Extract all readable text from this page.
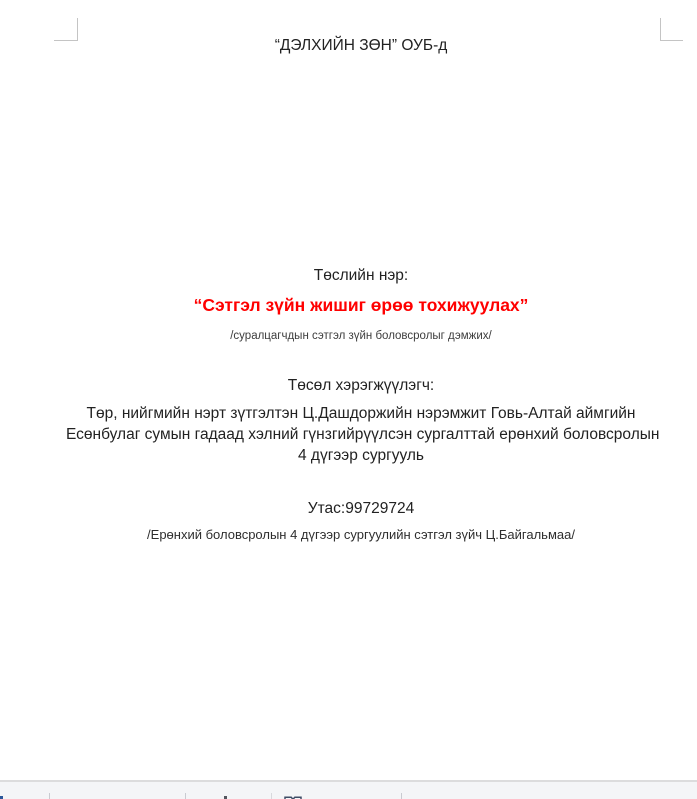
“ДЭЛХИЙН ЗӨН” ОУБ-д
Төслийн нэр:
“Сэтгэл зүйн жишиг өрөө тохижуулах”
/суралцагчдын сэтгэл зүйн боловсролыг дэмжих/
Төсөл хэрэгжүүлэгч:
Төр, нийгмийн нэрт зүтгэлтэн Ц.Дашдоржийн нэрэмжит Говь-Алтай аймгийн
Есөнбулаг сумын гадаад хэлний гүнзгийрүүлсэн сургалттай ерөнхий боловсролын
4 дүгээр сургууль
Утас:99729724
/Ерөнхий боловсролын 4 дүгээр сургуулийн сэтгэл зүйч Ц.Байгальмаа/
